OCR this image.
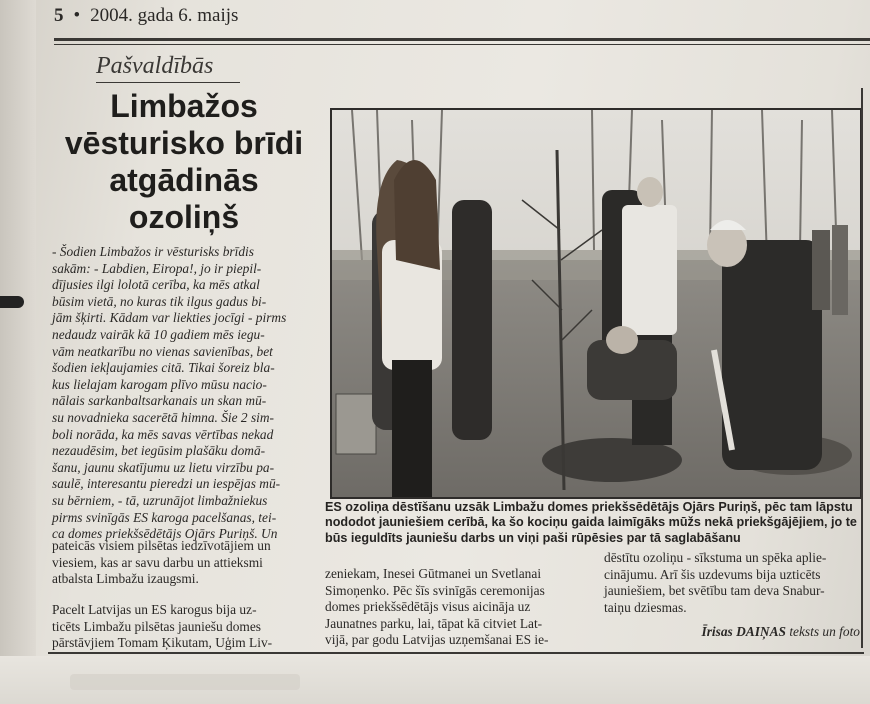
5 • 2004. gada 6. maijs
Pašvaldībās
Limbažos
vēsturisko brīdi
atgādinās
ozoliņš

- Šodien Limbažos ir vēsturisks brīdis

sakām: - Labdien, Eiropa!, jo ir piepil-

dījusies ilgi lolotā cerība, ka mēs atkal

būsim vietā, no kuras tik ilgus gadus bi-

jām šķirti. Kādam var liekties jocīgi - pirms

nedaudz vairāk kā 10 gadiem mēs iegu-

vām neatkarību no vienas savienības, bet

šodien iekļaujamies citā. Tikai šoreiz bla-

kus lielajam karogam plīvo mūsu nacio-

nālais sarkanbaltsarkanais un skan mū-

su novadnieka sacerētā himna. Šie 2 sim-

boli norāda, ka mēs savas vērtības nekad

nezaudēsim, bet iegūsim plašāku domā-

šanu, jaunu skatījumu uz lietu virzību pa-

saulē, interesantu pieredzi un iespējas mū-

su bērniem, - tā, uzrunājot limbažniekus

pirms svinīgās ES karoga pacelšanas, tei-

ca domes priekšsēdētājs Ojārs Puriņš. Un

pateicās visiem pilsētas iedzīvotājiem un

viesiem, kas ar savu darbu un attieksmi

atbalsta Limbažu izaugsmi.

Pacelt Latvijas un ES karogus bija uz-

ticēts Limbažu pilsētas jauniešu domes

pārstāvjiem Tomam Ķikutam, Uģim Liv-

ES ozoliņa dēstīšanu uzsāk Limbažu domes priekšsēdētājs Ojārs Puriņš, pēc tam lāpstu nododot jauniešiem cerībā, ka šo kociņu gaida laimīgāks mūžs nekā priekšgājējiem, jo te būs ieguldīts jauniešu darbs un viņi paši rūpēsies par tā saglabāšanu

zeniekam, Inesei Gūtmanei un Svetlanai

Simoņenko. Pēc šīs svinīgās ceremonijas

domes priekšsēdētājs visus aicināja uz

Jaunatnes parku, lai, tāpat kā citviet Lat-

vijā, par godu Latvijas uzņemšanai ES ie-

dēstītu ozoliņu - sīkstuma un spēka aplie-

cinājumu. Arī šis uzdevums bija uzticēts

jauniešiem, bet svētību tam deva Snabur-

taiņu dziesmas.

Īrisas DAIŅAS teksts un foto
